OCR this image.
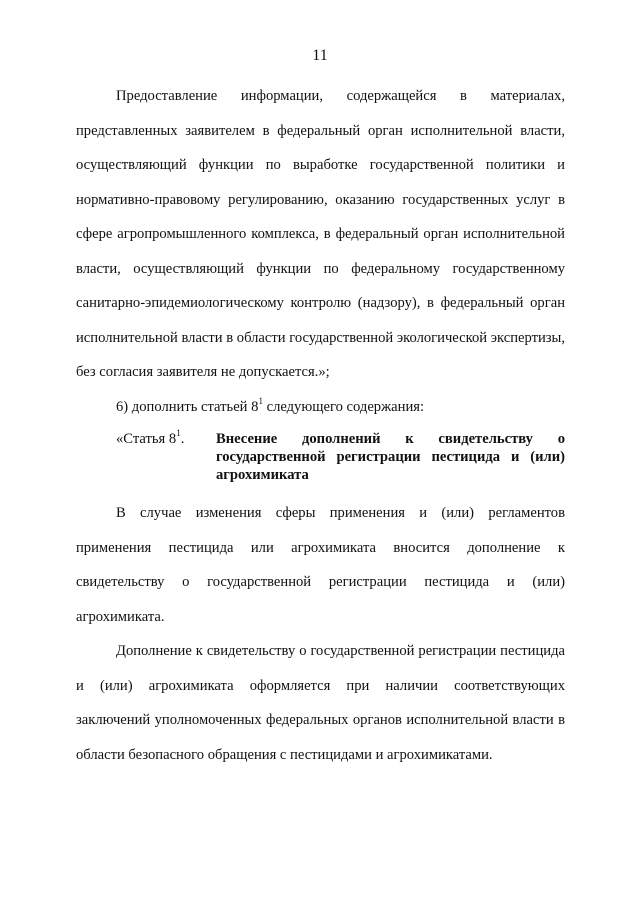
11

Предоставление информации, содержащейся в материалах, представленных заявителем в федеральный орган исполнительной власти, осуществляющий функции по выработке государственной политики и нормативно-правовому регулированию, оказанию государственных услуг в сфере агропромышленного комплекса, в федеральный орган исполнительной власти, осуществляющий функции по федеральному государственному санитарно-эпидемиологическому контролю (надзору), в федеральный орган исполнительной власти в области государственной экологической экспертизы, без согласия заявителя не допускается.»;

6) дополнить статьей $8^1$ следующего содержания:

«Статья $8^1$.	Внесение дополнений к свидетельству о государственной регистрации пестицида и (или) агрохимиката

В случае изменения сферы применения и (или) регламентов применения пестицида или агрохимиката вносится дополнение к свидетельству о государственной регистрации пестицида и (или) агрохимиката.

Дополнение к свидетельству о государственной регистрации пестицида и (или) агрохимиката оформляется при наличии соответствующих заключений уполномоченных федеральных органов исполнительной власти в области безопасного обращения с пестицидами и агрохимикатами.
